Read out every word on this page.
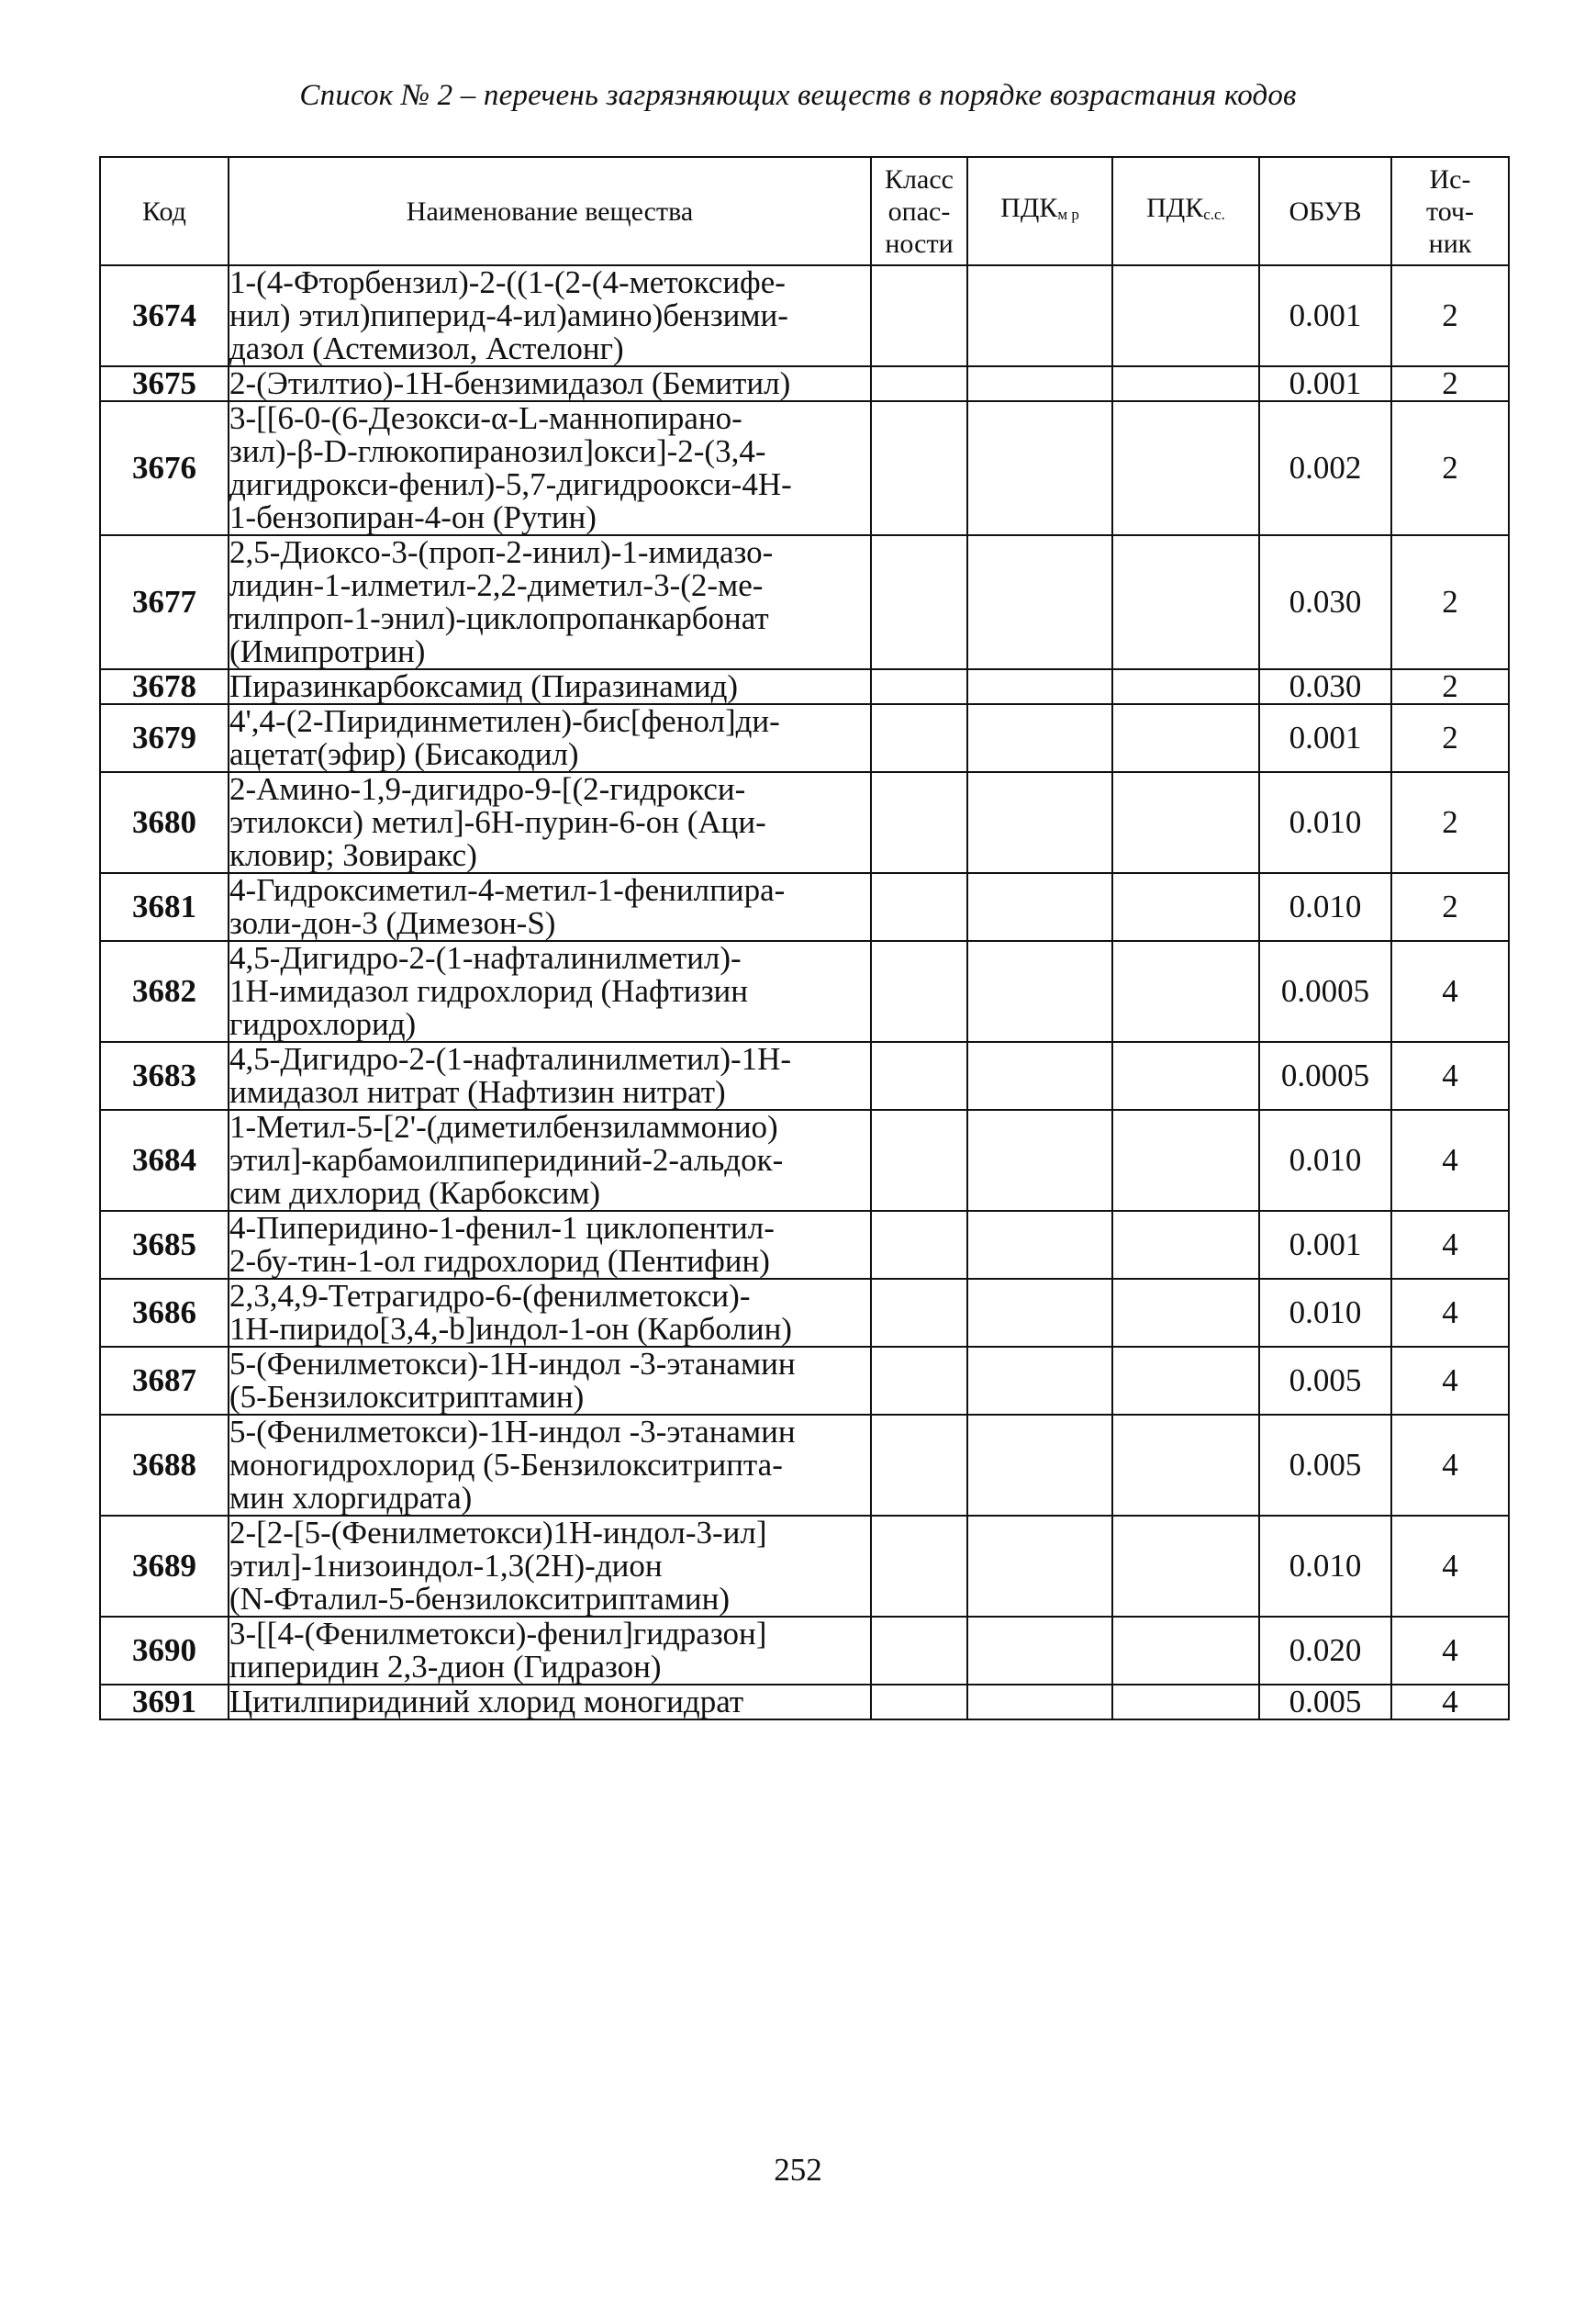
Список № 2 – перечень загрязняющих веществ в порядке возрастания кодов
Код	Наименование вещества	Класс
опас-
ности	ПДКм р	ПДКс.с.	ОБУВ	Ис-
точ-
ник
3674	1-(4-Фторбензил)-2-((1-(2-(4-метоксифе-
нил) этил)пиперид-4-ил)амино)бензими-
дазол (Астемизол, Астелонг)				0.001	2
3675	2-(Этилтио)-1Н-бензимидазол (Бемитил)				0.001	2
3676	3-[[6-0-(6-Дезокси-α-L-маннопирано-
зил)-β-D-глюкопиранозил]окси]-2-(3,4-
дигидрокси-фенил)-5,7-дигидроокси-4Н-
1-бензопиран-4-он (Рутин)				0.002	2
3677	2,5-Диоксо-3-(проп-2-инил)-1-имидазо-
лидин-1-илметил-2,2-диметил-3-(2-ме-
тилпроп-1-энил)-циклопропанкарбонат
(Имипротрин)				0.030	2
3678	Пиразинкарбоксамид (Пиразинамид)				0.030	2
3679	4',4-(2-Пиридинметилен)-бис[фенол]ди-
ацетат(эфир) (Бисакодил)				0.001	2
3680	2-Амино-1,9-дигидро-9-[(2-гидрокси-
этилокси) метил]-6Н-пурин-6-он (Аци-
кловир; Зовиракс)				0.010	2
3681	4-Гидроксиметил-4-метил-1-фенилпира-
золи-дон-3 (Димезон-S)				0.010	2
3682	4,5-Дигидро-2-(1-нафталинилметил)-
1Н-имидазол гидрохлорид (Нафтизин
гидрохлорид)				0.0005	4
3683	4,5-Дигидро-2-(1-нафталинилметил)-1Н-
имидазол нитрат (Нафтизин нитрат)				0.0005	4
3684	1-Метил-5-[2'-(диметилбензиламмонио)
этил]-карбамоилпиперидиний-2-альдок-
сим дихлорид (Карбоксим)				0.010	4
3685	4-Пиперидино-1-фенил-1 циклопентил-
2-бу-тин-1-ол гидрохлорид (Пентифин)				0.001	4
3686	2,3,4,9-Тетрагидро-6-(фенилметокси)-
1Н-пиридо[3,4,-b]индол-1-он (Карболин)				0.010	4
3687	5-(Фенилметокси)-1Н-индол -3-этанамин
(5-Бензилокситриптамин)				0.005	4
3688	5-(Фенилметокси)-1Н-индол -3-этанамин
моногидрохлорид (5-Бензилокситрипта-
мин хлоргидрата)				0.005	4
3689	2-[2-[5-(Фенилметокси)1Н-индол-3-ил]
этил]-1низоиндол-1,3(2Н)-дион
(N-Фталил-5-бензилокситриптамин)				0.010	4
3690	3-[[4-(Фенилметокси)-фенил]гидразон]
пиперидин 2,3-дион (Гидразон)				0.020	4
3691	Цитилпиридиний хлорид моногидрат				0.005	4
252
